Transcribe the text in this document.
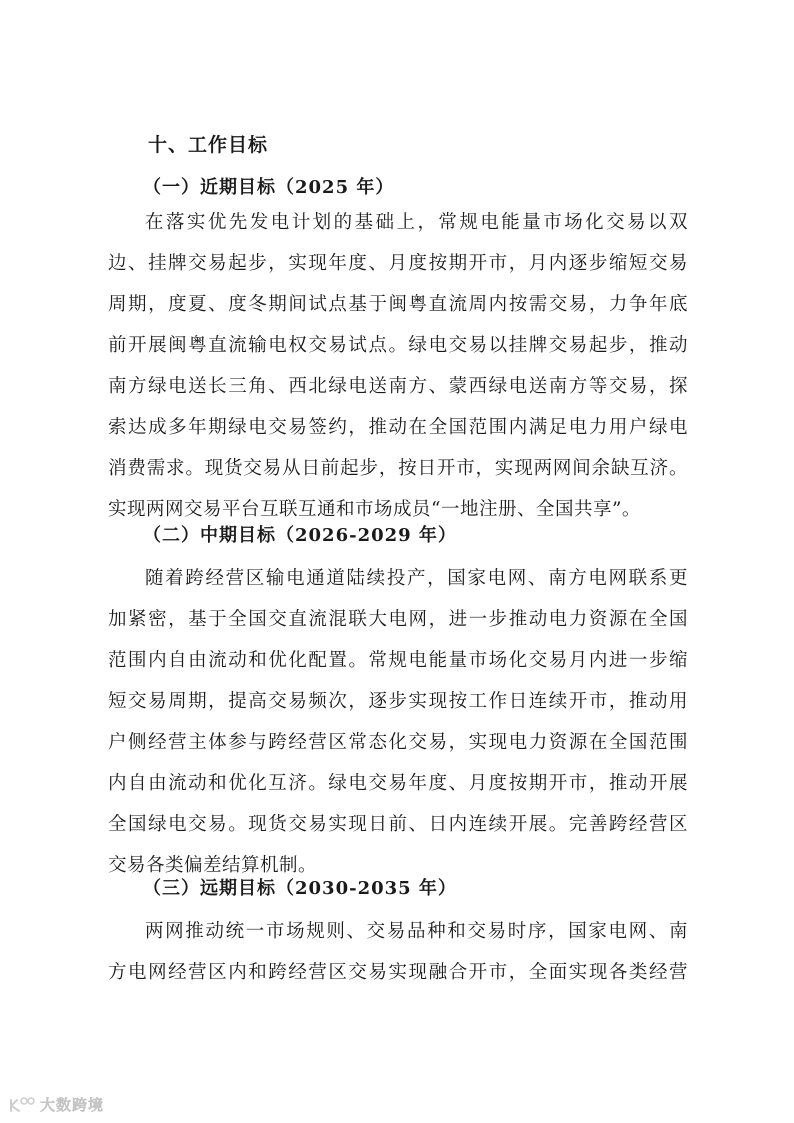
十、工作目标
（一）近期目标（2025 年）
在落实优先发电计划的基础上，常规电能量市场化交易以双
边、挂牌交易起步，实现年度、月度按期开市，月内逐步缩短交易
周期，度夏、度冬期间试点基于闽粤直流周内按需交易，力争年底
前开展闽粤直流输电权交易试点。绿电交易以挂牌交易起步，推动
南方绿电送长三角、西北绿电送南方、蒙西绿电送南方等交易，探
索达成多年期绿电交易签约，推动在全国范围内满足电力用户绿电
消费需求。现货交易从日前起步，按日开市，实现两网间余缺互济。
实现两网交易平台互联互通和市场成员“一地注册、全国共享”。
（二）中期目标（2026-2029 年）
随着跨经营区输电通道陆续投产，国家电网、南方电网联系更
加紧密，基于全国交直流混联大电网，进一步推动电力资源在全国
范围内自由流动和优化配置。常规电能量市场化交易月内进一步缩
短交易周期，提高交易频次，逐步实现按工作日连续开市，推动用
户侧经营主体参与跨经营区常态化交易，实现电力资源在全国范围
内自由流动和优化互济。绿电交易年度、月度按期开市，推动开展
全国绿电交易。现货交易实现日前、日内连续开展。完善跨经营区
交易各类偏差结算机制。
（三）远期目标（2030-2035 年）
两网推动统一市场规则、交易品种和交易时序，国家电网、南
方电网经营区内和跨经营区交易实现融合开市，全面实现各类经营
大数跨境
